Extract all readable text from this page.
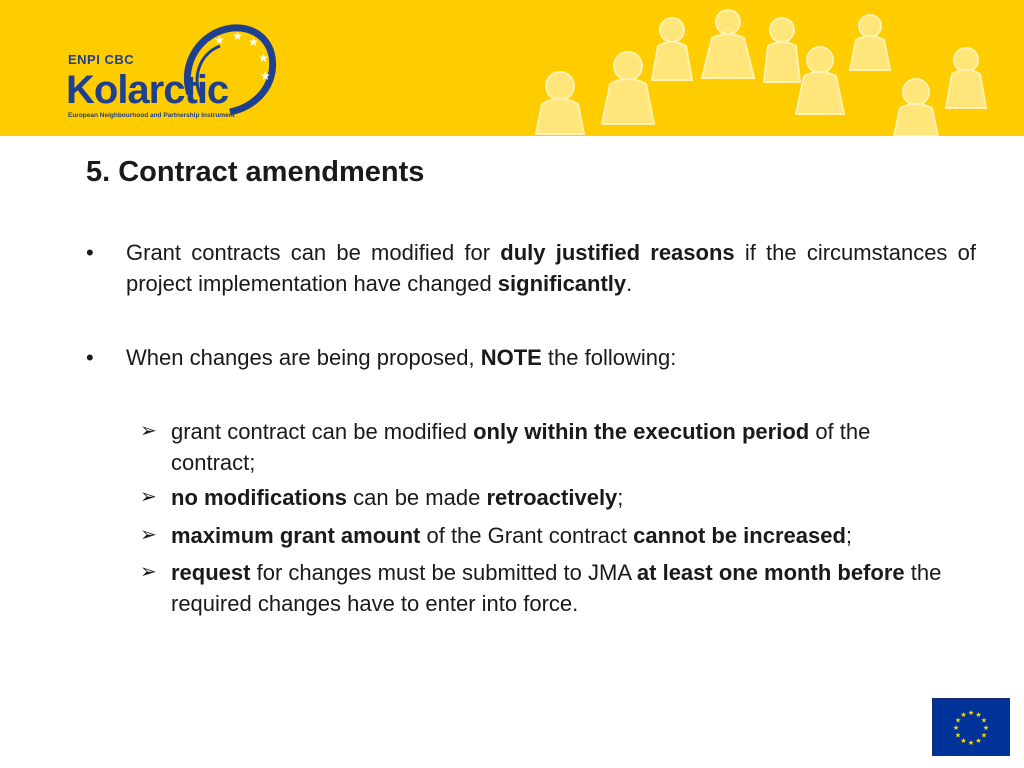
★ ★ ★
★
★
ENPI CBC
Kolarctic
European Neighbourhood and Partnership Instrument
5. Contract amendments
• Grant contracts can be modified for duly justified reasons if the circumstances of project implementation have changed significantly.
• When changes are being proposed, NOTE the following:
➢ grant contract can be modified only within the execution period of the contract;
➢ no modifications can be made retroactively;
➢ maximum grant amount of the Grant contract cannot be increased;
➢ request for changes must be submitted to JMA at least one month before the required changes have to enter into force.
★ ★
★
★
★
★
★
★
★
★
★
★
